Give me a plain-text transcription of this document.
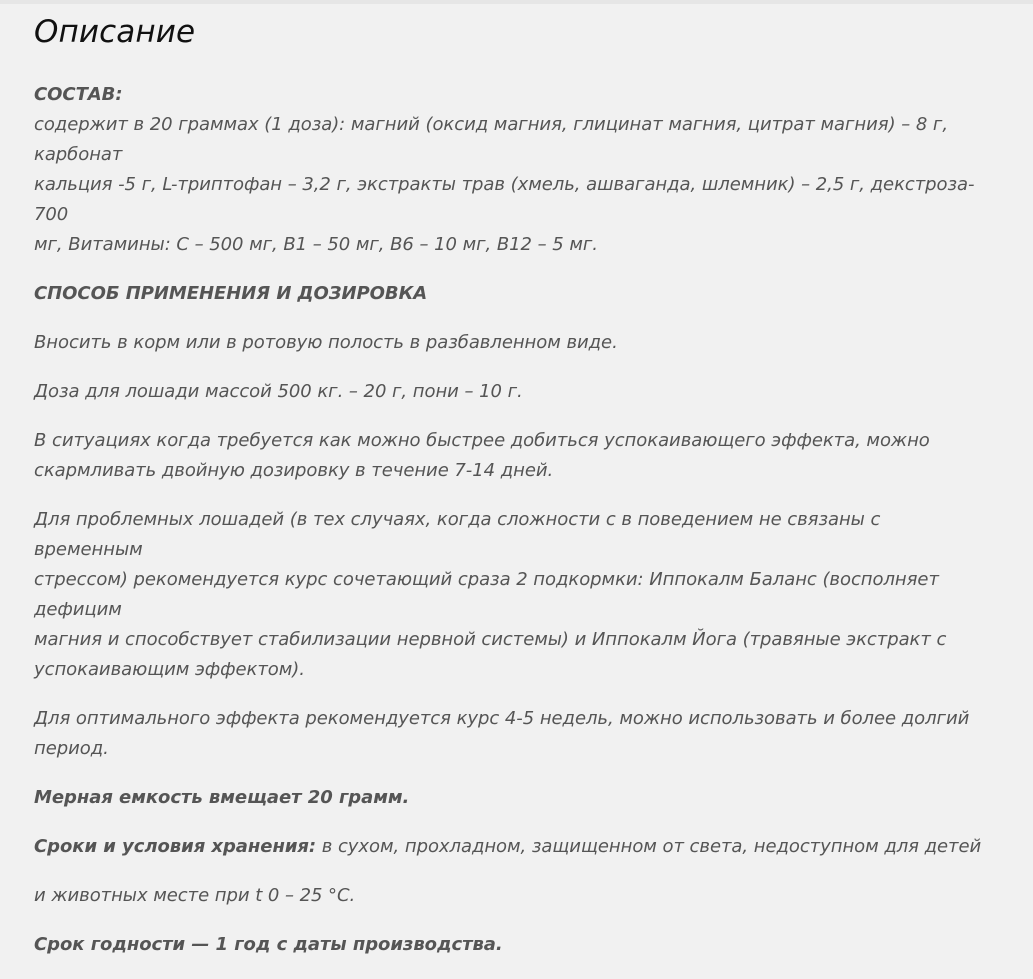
Описание
СОСТАВ:
содержит в 20 граммах (1 доза): магний (оксид магния, глицинат магния, цитрат магния) – 8 г, карбонат
кальция -5 г, L-триптофан – 3,2 г, экстракты трав (хмель, ашваганда, шлемник) – 2,5 г, декстроза- 700
мг, Витамины: С – 500 мг, В1 – 50 мг, В6 – 10 мг, В12 – 5 мг.
СПОСОБ ПРИМЕНЕНИЯ И ДОЗИРОВКА
Вносить в корм или в ротовую полость в разбавленном виде.
Доза для лошади массой 500 кг. – 20 г, пони – 10 г.
В ситуациях когда требуется как можно быстрее добиться успокаивающего эффекта, можно
скармливать двойную дозировку в течение 7-14 дней.
Для проблемных лошадей (в тех случаях, когда сложности с в поведением не связаны с временным
стрессом) рекомендуется курс сочетающий сраза 2 подкормки: Иппокалм Баланс (восполняет дефицим
магния и способствует стабилизации нервной системы) и Иппокалм Йога (травяные экстракт с
успокаивающим эффектом).
Для оптимального эффекта рекомендуется курс 4-5 недель, можно использовать и более долгий
период.
Мерная емкость вмещает 20 грамм.
Сроки и условия хранения: в сухом, прохладном, защищенном от света, недоступном для детей
и животных месте при t 0 – 25 °С.
Срок годности — 1 год с даты производства.
